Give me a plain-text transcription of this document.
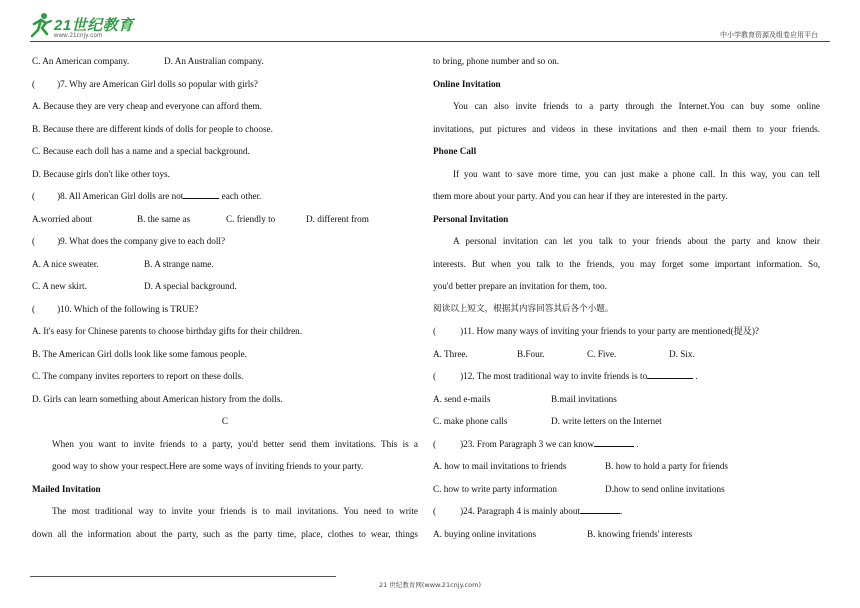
21世纪教育
www.21cnjy.com	中小学教育资源及组卷应用平台
C. An American company.	D. An Australian company.
( )7. Why are American Girl dolls so popular with girls?
A. Because they are very cheap and everyone can afford them.
B. Because there are different kinds of dolls for people to choose.
C. Because each doll has a name and a special background.
D. Because girls don't like other toys.
( )8. All American Girl dolls are not	each other.
A.worried about	B. the same as	C. friendly to	D. different from
( )9. What does the company give to each doll?
A. A nice sweater.	B. A strange name.
C. A new skirt.	D. A special background.
( )10. Which of the following is TRUE?
A. It's easy for Chinese parents to choose birthday gifts for their children.
B. The American Girl dolls look like some famous people.
C. The company invites reporters to report on these dolls.
D. Girls can learn something about American history from the dolls.
C
When you want to invite friends to a party, you'd better send them invitations. This is a
good way to show your respect.Here are some ways of inviting friends to your party.
Mailed Invitation
The most traditional way to invite your friends is to mail invitations. You need to write
down all the information about the party, such as the party time, place, clothes to wear, things
to bring, phone number and so on.
Online Invitation
You can also invite friends to a party through the Internet.You can buy some online
invitations, put pictures and videos in these invitations and then e-mail them to your friends.
Phone Call
If you want to save more time, you can just make a phone call. In this way, you can tell
them more about your party. And you can hear if they are interested in the party.
Personal Invitation
A personal invitation can let you talk to your friends about the party and know their
interests. But when you talk to the friends, you may forget some important information. So,
you'd better prepare an invitation for them, too.
阅读以上短文，根据其内容回答其后各个小题。
(	)11. How many ways of inviting your friends to your party are mentioned(提及)?
A. Three.	B.Four.	C. Five.	D. Six.
(	)12. The most traditional way to invite friends is to	.
A. send e-mails	B.mail invitations
C. make phone calls	D. write letters on the Internet
(	)23. From Paragraph 3 we can know	.
A. how to mail invitations to friends	B. how to hold a party for friends
C. how to write party information	D.how to send online invitations
(	)24. Paragraph 4 is mainly about	.
A. buying online invitations	B. knowing friends' interests
21 世纪教育网(www.21cnjy.com)
